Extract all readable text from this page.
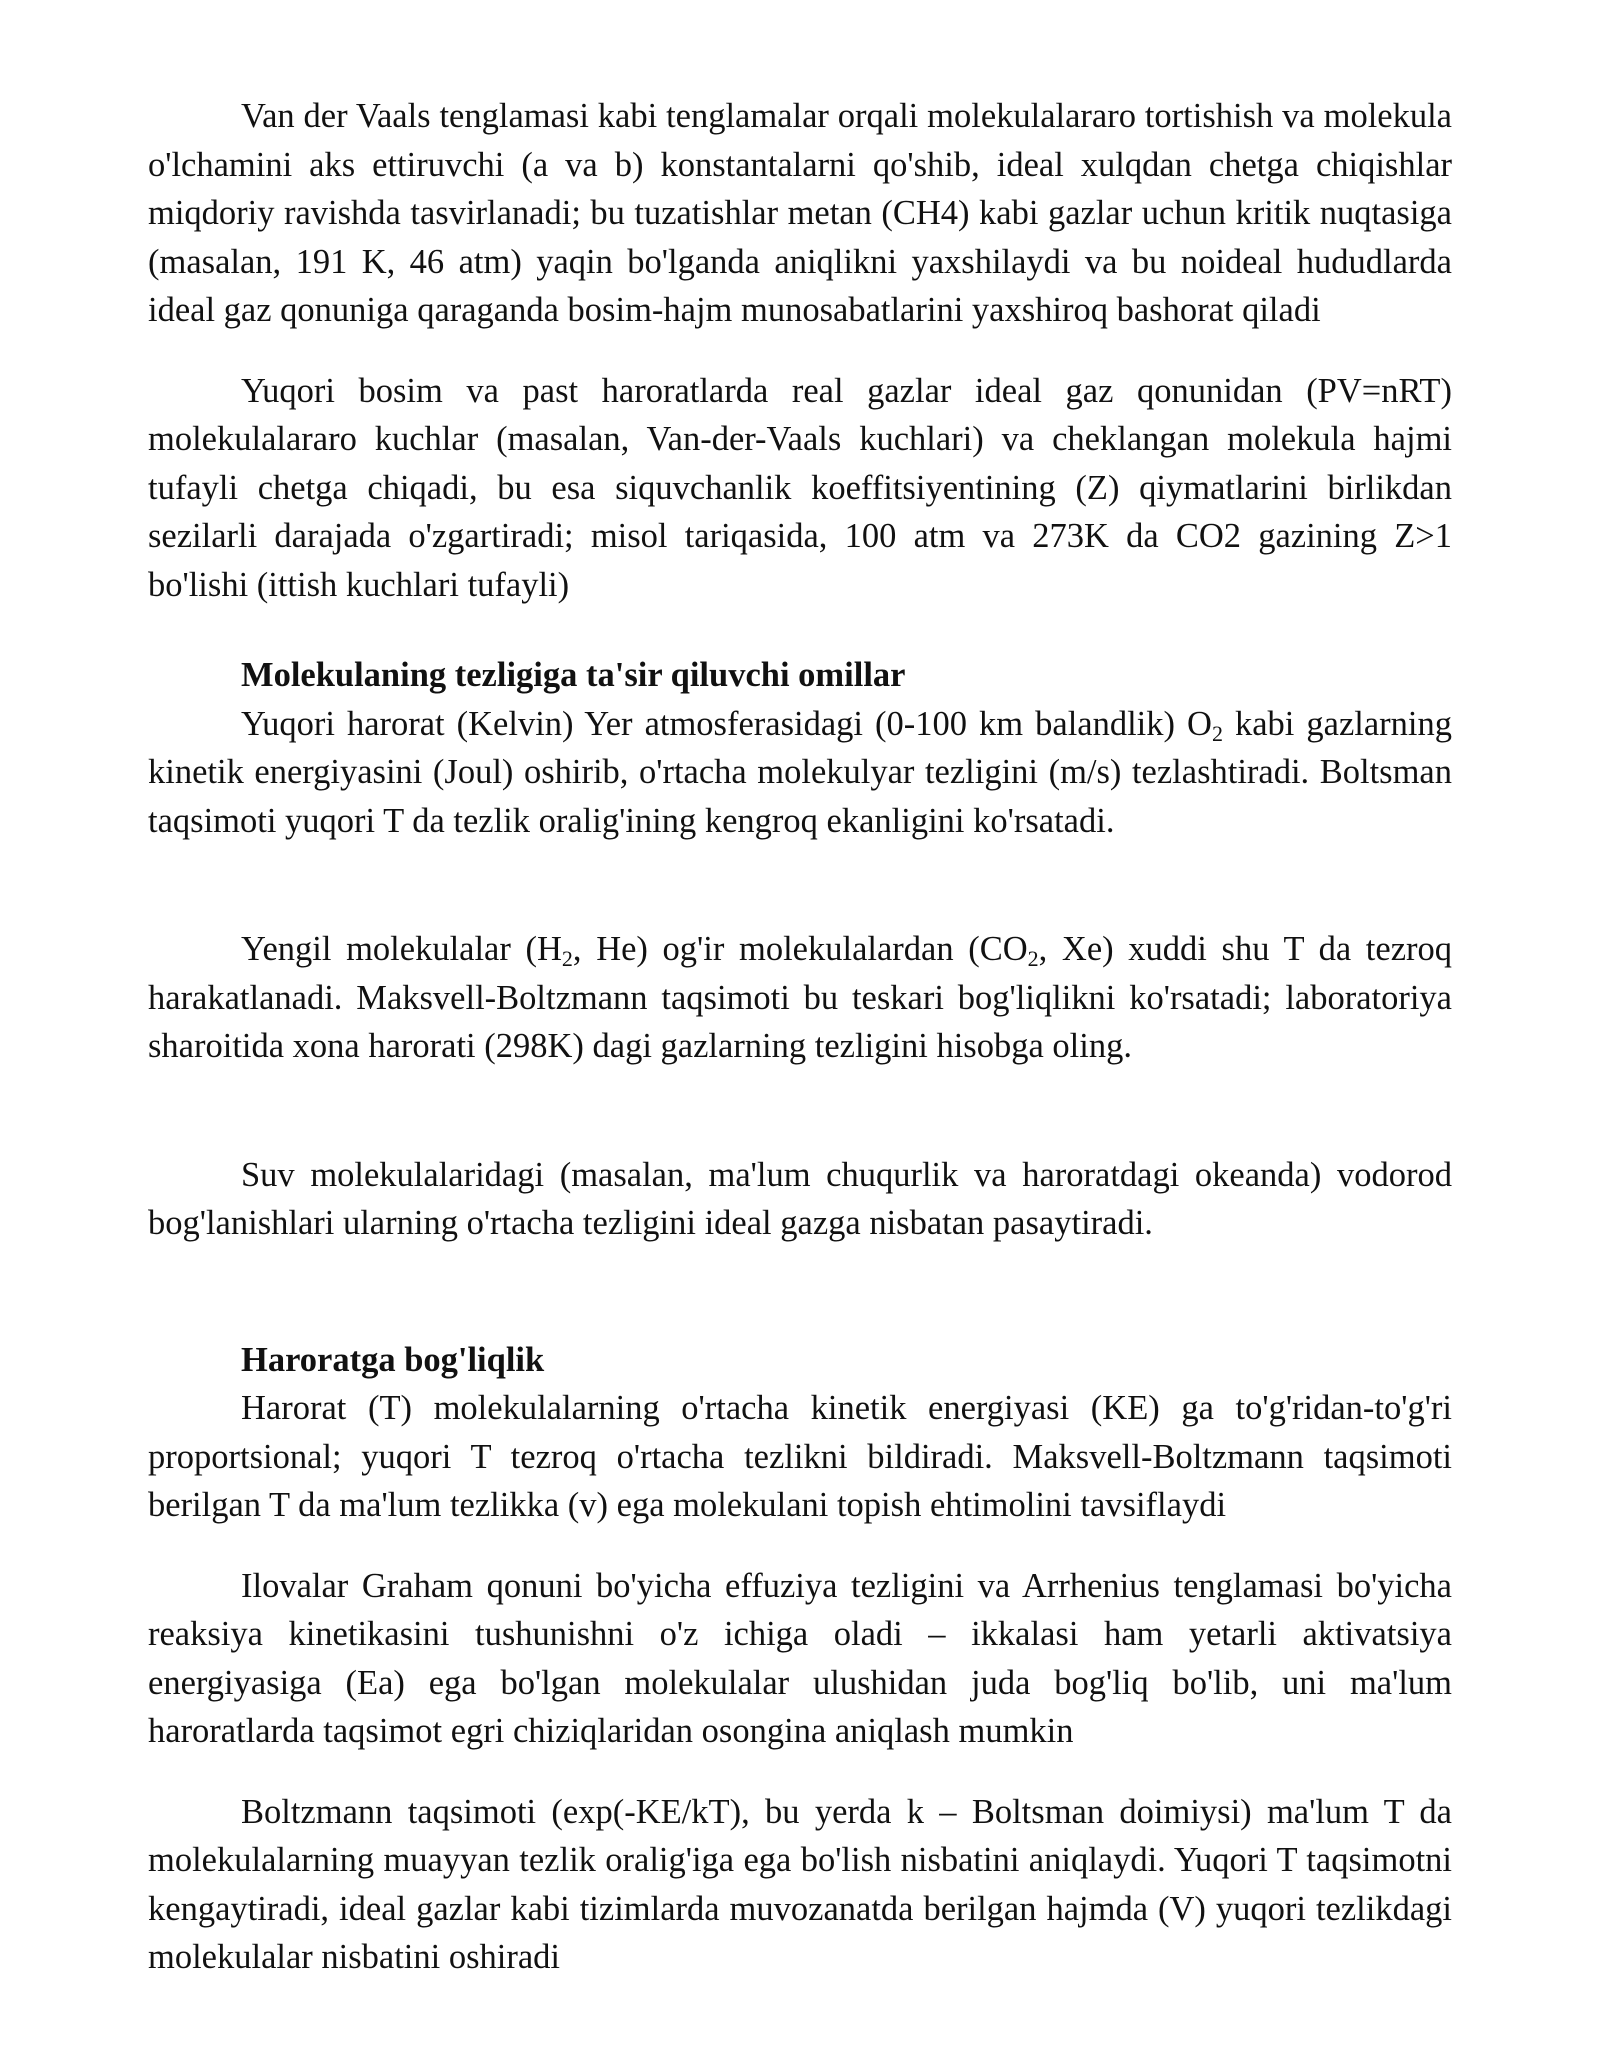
Van der Vaals tenglamasi kabi tenglamalar orqali molekulalararo tortishish va molekula o'lchamini aks ettiruvchi (a va b) konstantalarni qo'shib, ideal xulqdan chetga chiqishlar miqdoriy ravishda tasvirlanadi; bu tuzatishlar metan (CH4) kabi gazlar uchun kritik nuqtasiga (masalan, 191 K, 46 atm) yaqin bo'lganda aniqlikni yaxshilaydi va bu noideal hududlarda ideal gaz qonuniga qaraganda bosim-hajm munosabatlarini yaxshiroq bashorat qiladi

Yuqori bosim va past haroratlarda real gazlar ideal gaz qonunidan (PV=nRT) molekulalararo kuchlar (masalan, Van-der-Vaals kuchlari) va cheklangan molekula hajmi tufayli chetga chiqadi, bu esa siquvchanlik koeffitsiyentining (Z) qiymatlarini birlikdan sezilarli darajada o'zgartiradi; misol tariqasida, 100 atm va 273K da CO2 gazining Z>1 bo'lishi (ittish kuchlari tufayli)

Molekulaning tezligiga ta'sir qiluvchi omillar

Yuqori harorat (Kelvin) Yer atmosferasidagi (0-100 km balandlik) $O_2$ kabi gazlarning kinetik energiyasini (Joul) oshirib, o'rtacha molekulyar tezligini (m/s) tezlashtiradi. Boltsman taqsimoti yuqori T da tezlik oralig'ining kengroq ekanligini ko'rsatadi.

Yengil molekulalar ($H_2$, He) og'ir molekulalardan ($CO_2$, Xe) xuddi shu T da tezroq harakatlanadi. Maksvell-Boltzmann taqsimoti bu teskari bog'liqlikni ko'rsatadi; laboratoriya sharoitida xona harorati (298K) dagi gazlarning tezligini hisobga oling.

Suv molekulalaridagi (masalan, ma'lum chuqurlik va haroratdagi okeanda) vodorod bog'lanishlari ularning o'rtacha tezligini ideal gazga nisbatan pasaytiradi.

Haroratga bog'liqlik

Harorat (T) molekulalarning o'rtacha kinetik energiyasi (KE) ga to'g'ridan-to'g'ri proportsional; yuqori T tezroq o'rtacha tezlikni bildiradi. Maksvell-Boltzmann taqsimoti berilgan T da ma'lum tezlikka (v) ega molekulani topish ehtimolini tavsiflaydi

Ilovalar Graham qonuni bo'yicha effuziya tezligini va Arrhenius tenglamasi bo'yicha reaksiya kinetikasini tushunishni o'z ichiga oladi – ikkalasi ham yetarli aktivatsiya energiyasiga (Ea) ega bo'lgan molekulalar ulushidan juda bog'liq bo'lib, uni ma'lum haroratlarda taqsimot egri chiziqlaridan osongina aniqlash mumkin

Boltzmann taqsimoti (exp(-KE/kT), bu yerda k – Boltsman doimiysi) ma'lum T da molekulalarning muayyan tezlik oralig'iga ega bo'lish nisbatini aniqlaydi. Yuqori T taqsimotni kengaytiradi, ideal gazlar kabi tizimlarda muvozanatda berilgan hajmda (V) yuqori tezlikdagi molekulalar nisbatini oshiradi
